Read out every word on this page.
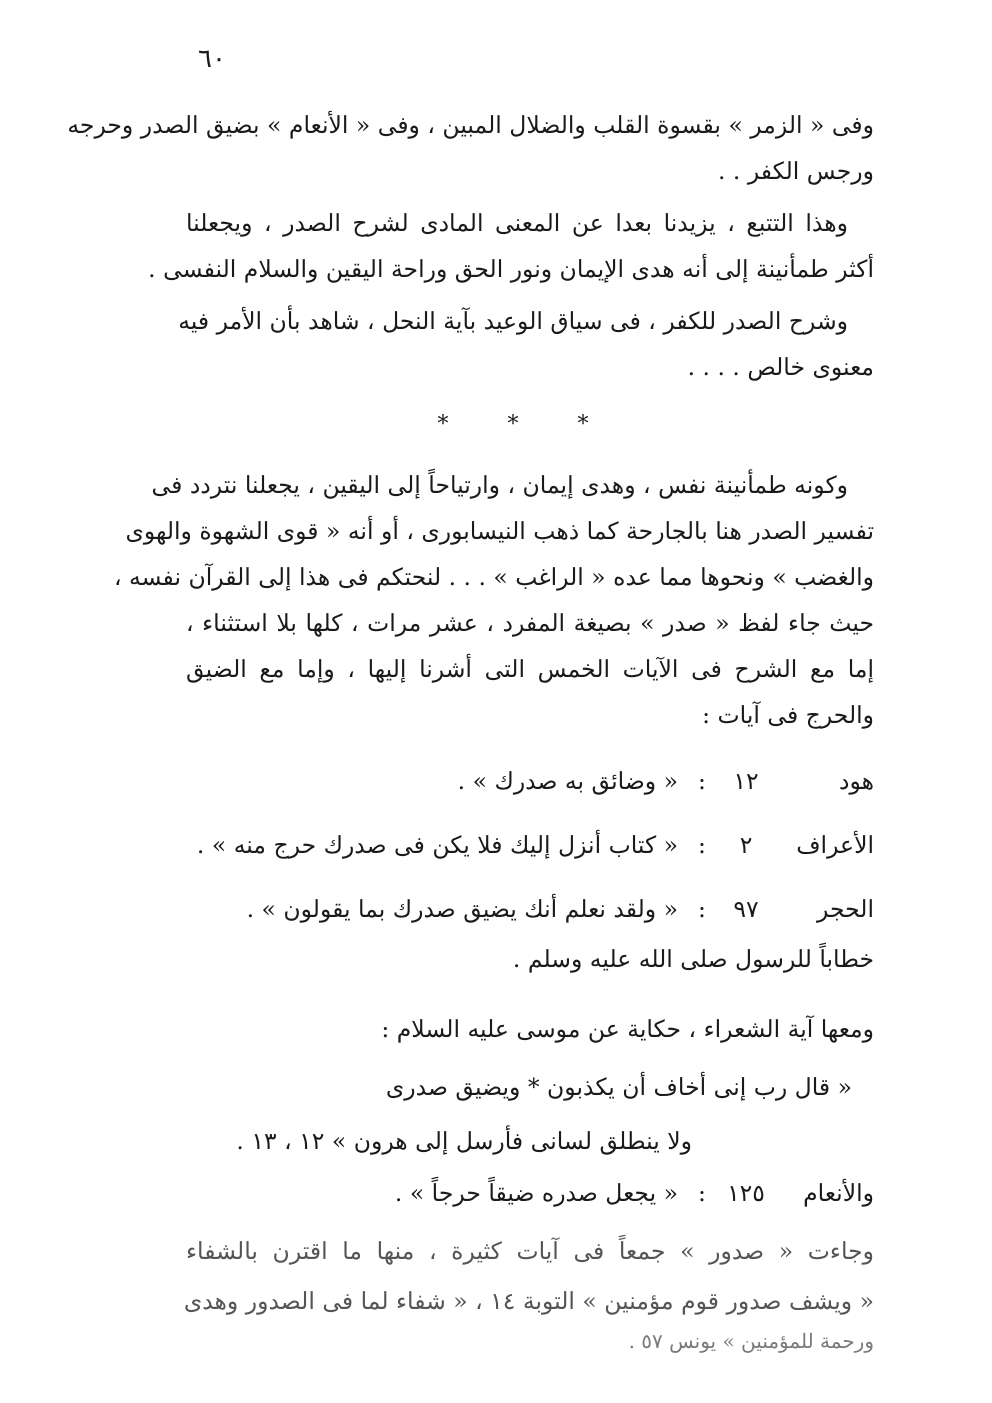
٦٠
وفى « الزمر » بقسوة القلب والضلال المبين ، وفى « الأنعام » بضيق الصدر وحرجه
ورجس الكفر . .
وهذا التتبع ، يزيدنا بعدا عن المعنى المادى لشرح الصدر ، ويجعلنا
أكثر طمأنينة إلى أنه هدى الإيمان ونور الحق وراحة اليقين والسلام النفسى .
وشرح الصدر للكفر ، فى سياق الوعيد بآية النحل ، شاهد بأن الأمر فيه
معنوى خالص . . . .
* * *
وكونه طمأنينة نفس ، وهدى إيمان ، وارتياحاً إلى اليقين ، يجعلنا نتردد فى
تفسير الصدر هنا بالجارحة كما ذهب النيسابورى ، أو أنه « قوى الشهوة والهوى
والغضب » ونحوها مما عده « الراغب » . . . لنحتكم فى هذا إلى القرآن نفسه ،
حيث جاء لفظ « صدر » بصيغة المفرد ، عشر مرات ، كلها بلا استثناء ،
إما مع الشرح فى الآيات الخمس التى أشرنا إليها ، وإما مع الضيق
والحرج فى آيات :
هود
١٢
:
« وضائق به صدرك » .
الأعراف
٢
:
« كتاب أنزل إليك فلا يكن فى صدرك حرج منه » .
الحجر
٩٧
:
« ولقد نعلم أنك يضيق صدرك بما يقولون » .
خطاباً للرسول صلى الله عليه وسلم .
ومعها آية الشعراء ، حكاية عن موسى عليه السلام :
« قال رب إنى أخاف أن يكذبون * ويضيق صدرى
ولا ينطلق لسانى فأرسل إلى هرون » ١٢ ، ١٣ .
والأنعام
١٢٥
:
« يجعل صدره ضيقاً حرجاً » .
وجاءت « صدور » جمعاً فى آيات كثيرة ، منها ما اقترن بالشفاء
« ويشف صدور قوم مؤمنين » التوبة ١٤ ، « شفاء لما فى الصدور وهدى
ورحمة للمؤمنين » يونس ٥٧ .
